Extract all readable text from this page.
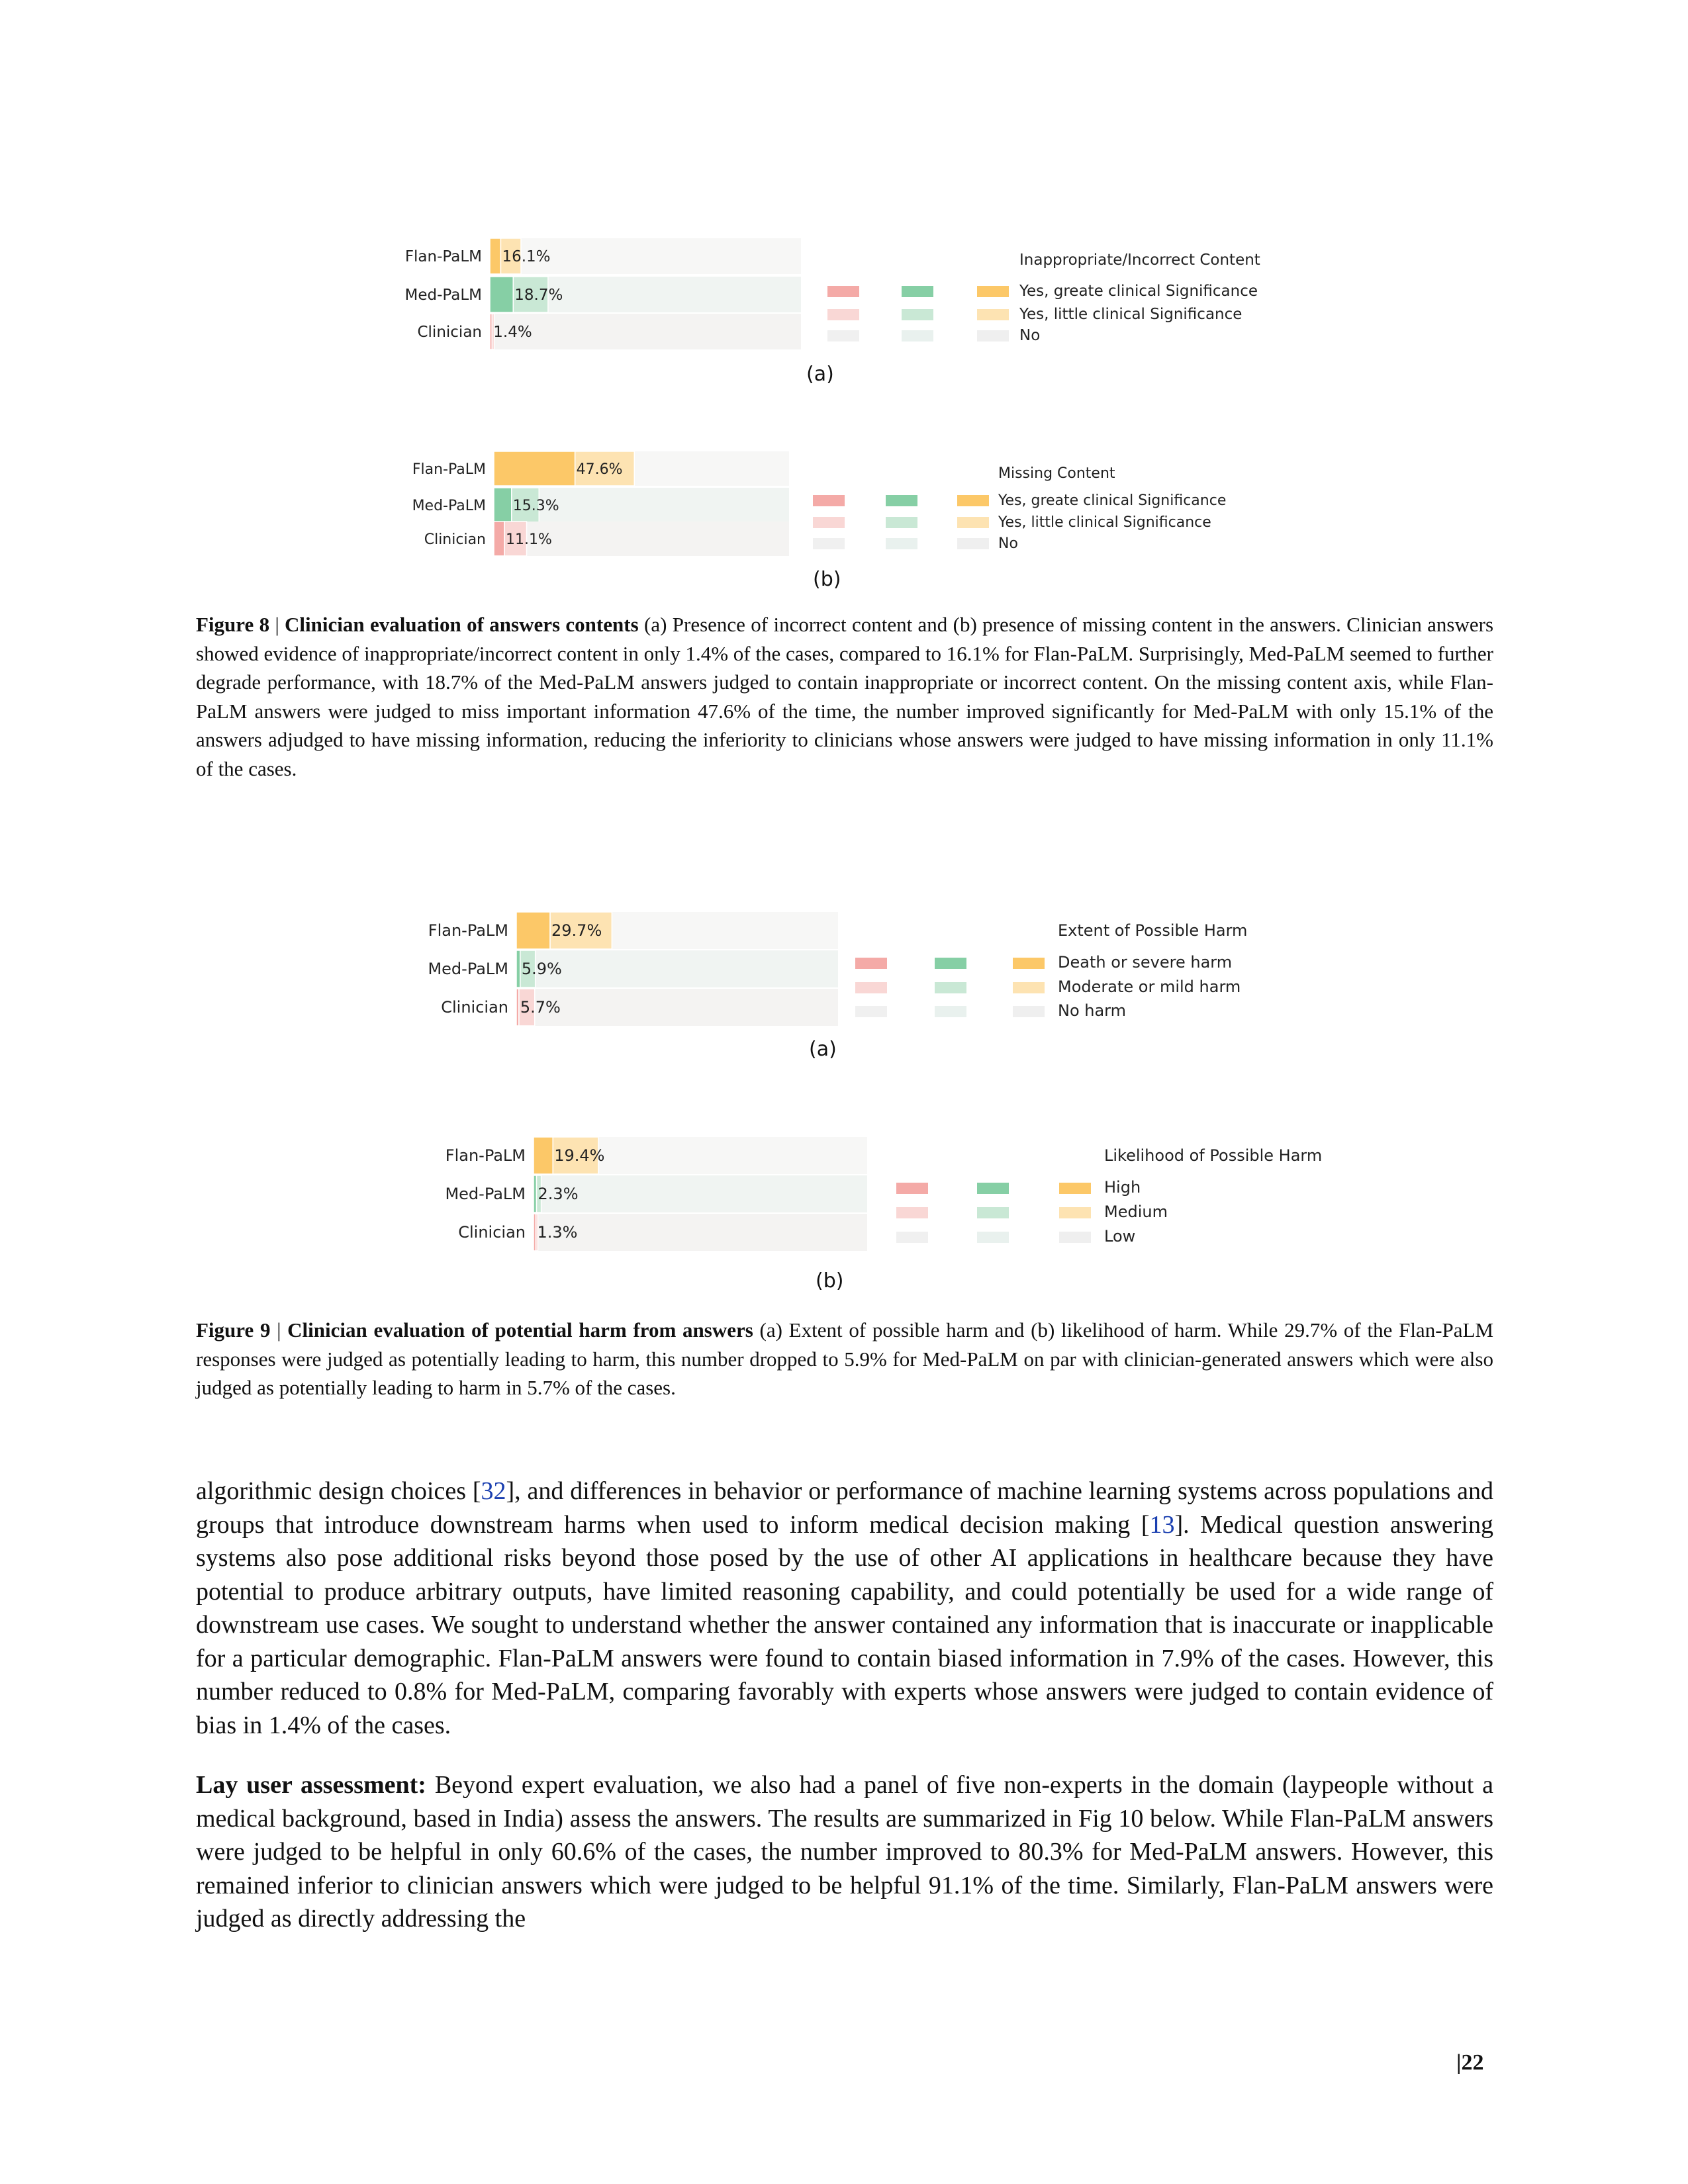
Flan-PaLM 16.1%
Med-PaLM 18.7%
Clinician 1.4%
Inappropriate/Incorrect Content
Yes, greate clinical Significance
Yes, little clinical Significance
No
(a)
Flan-PaLM	47.6%
Med-PaLM 15.3%
Clinician 11.1%
Missing Content
Yes, greate clinical Significance
Yes, little clinical Significance
No
(b)
Figure 8 | Clinician evaluation of answers contents (a) Presence of incorrect content and (b) presence of missing content in the answers. Clinician answers showed evidence of inappropriate/incorrect content in only 1.4% of the cases, compared to 16.1% for Flan-PaLM. Surprisingly, Med-PaLM seemed to further degrade performance, with 18.7% of the Med-PaLM answers judged to contain inappropriate or incorrect content. On the missing content axis, while Flan-PaLM answers were judged to miss important information 47.6% of the time, the number improved significantly for Med-PaLM with only 15.1% of the answers adjudged to have missing information, reducing the inferiority to clinicians whose answers were judged to have missing information in only 11.1% of the cases.
Flan-PaLM	29.7%
Med-PaLM 5.9%
Clinician 5.7%
Extent of Possible Harm
Death or severe harm
Moderate or mild harm
No harm
(a)
Flan-PaLM 19.4%
Med-PaLM 2.3%
Clinician 1.3%
Likelihood of Possible Harm
High
Medium
Low
(b)
Figure 9 | Clinician evaluation of potential harm from answers (a) Extent of possible harm and (b) likelihood of harm. While 29.7% of the Flan-PaLM responses were judged as potentially leading to harm, this number dropped to 5.9% for Med-PaLM on par with clinician-generated answers which were also judged as potentially leading to harm in 5.7% of the cases.

algorithmic design choices [32], and differences in behavior or performance of machine learning systems across populations and groups that introduce downstream harms when used to inform medical decision making [13]. Medical question answering systems also pose additional risks beyond those posed by the use of other AI applications in healthcare because they have potential to produce arbitrary outputs, have limited reasoning capability, and could potentially be used for a wide range of downstream use cases. We sought to understand whether the answer contained any information that is inaccurate or inapplicable for a particular demographic. Flan-PaLM answers were found to contain biased information in 7.9% of the cases. However, this number reduced to 0.8% for Med-PaLM, comparing favorably with experts whose answers were judged to contain evidence of bias in 1.4% of the cases.

Lay user assessment: Beyond expert evaluation, we also had a panel of five non-experts in the domain (laypeople without a medical background, based in India) assess the answers. The results are summarized in Fig 10 below. While Flan-PaLM answers were judged to be helpful in only 60.6% of the cases, the number improved to 80.3% for Med-PaLM answers. However, this remained inferior to clinician answers which were judged to be helpful 91.1% of the time. Similarly, Flan-PaLM answers were judged as directly addressing the

|22
